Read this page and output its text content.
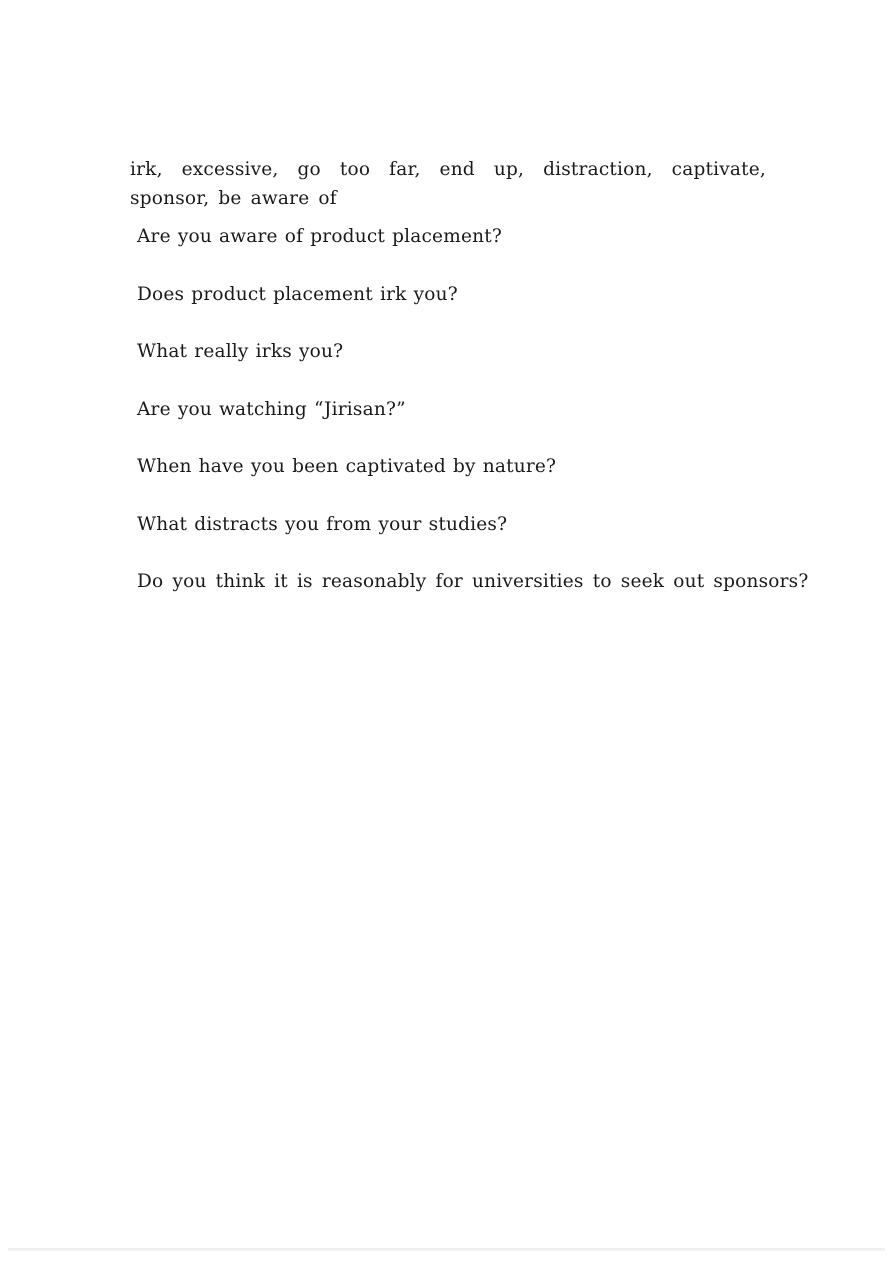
irk, excessive, go too far, end up, distraction, captivate, sponsor, be aware of

Are you aware of product placement?
Does product placement irk you?
What really irks you?
Are you watching “Jirisan?”
When have you been captivated by nature?
What distracts you from your studies?
Do you think it is reasonably for universities to seek out sponsors?
